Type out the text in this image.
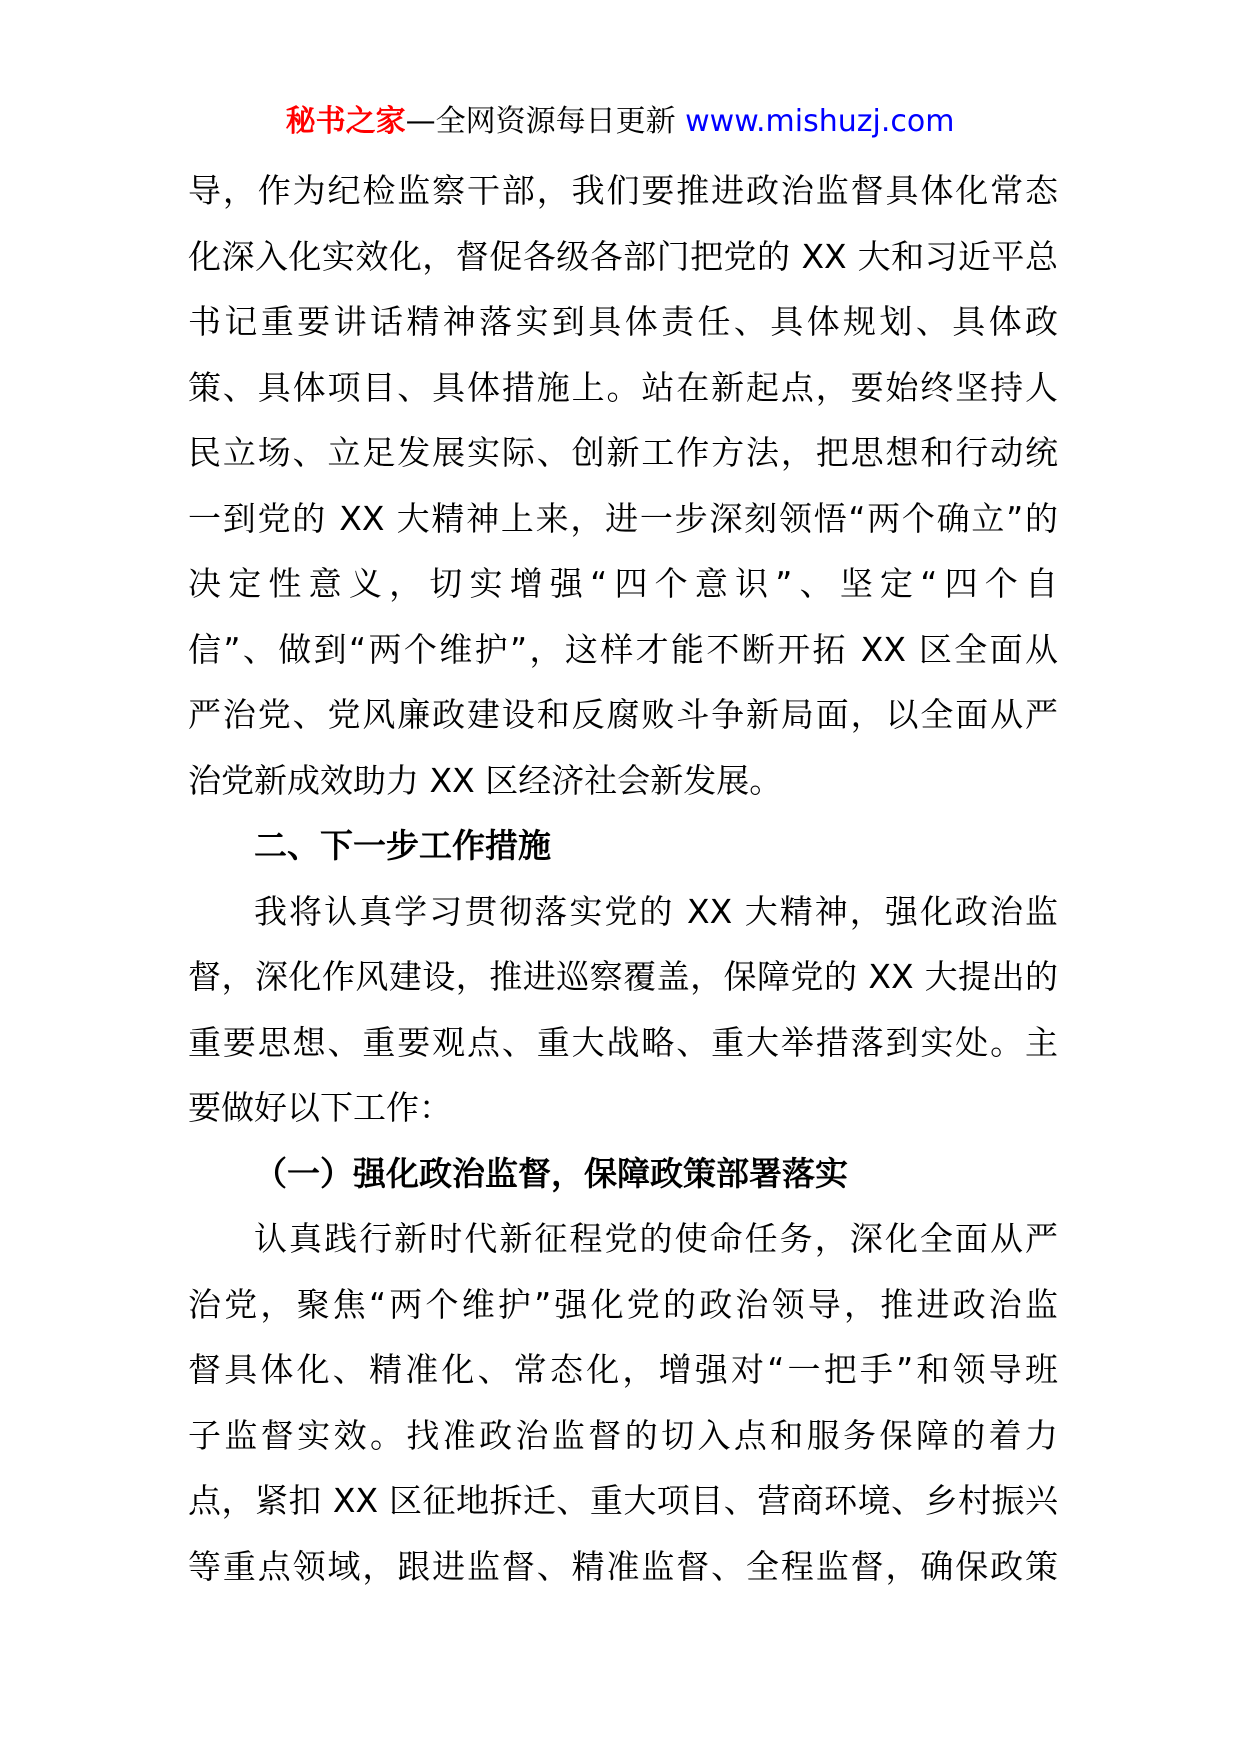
秘书之家—全网资源每日更新 www.mishuzj.com
导，作为纪检监察干部，我们要推进政治监督具体化常态
化深入化实效化，督促各级各部门把党的 XX 大和习近平总
书记重要讲话精神落实到具体责任、具体规划、具体政
策、具体项目、具体措施上。站在新起点，要始终坚持人
民立场、立足发展实际、创新工作方法，把思想和行动统
一到党的 XX 大精神上来，进一步深刻领悟“两个确立”的
决定性意义，切实增强“四个意识”、坚定“四个自
信”、做到“两个维护”，这样才能不断开拓 XX 区全面从
严治党、党风廉政建设和反腐败斗争新局面，以全面从严
治党新成效助力 XX 区经济社会新发展。
二、下一步工作措施
我将认真学习贯彻落实党的 XX 大精神，强化政治监
督，深化作风建设，推进巡察覆盖，保障党的 XX 大提出的
重要思想、重要观点、重大战略、重大举措落到实处。主
要做好以下工作：
（一）强化政治监督，保障政策部署落实
认真践行新时代新征程党的使命任务，深化全面从严
治党，聚焦“两个维护”强化党的政治领导，推进政治监
督具体化、精准化、常态化，增强对“一把手”和领导班
子监督实效。找准政治监督的切入点和服务保障的着力
点，紧扣 XX 区征地拆迁、重大项目、营商环境、乡村振兴
等重点领域，跟进监督、精准监督、全程监督，确保政策
